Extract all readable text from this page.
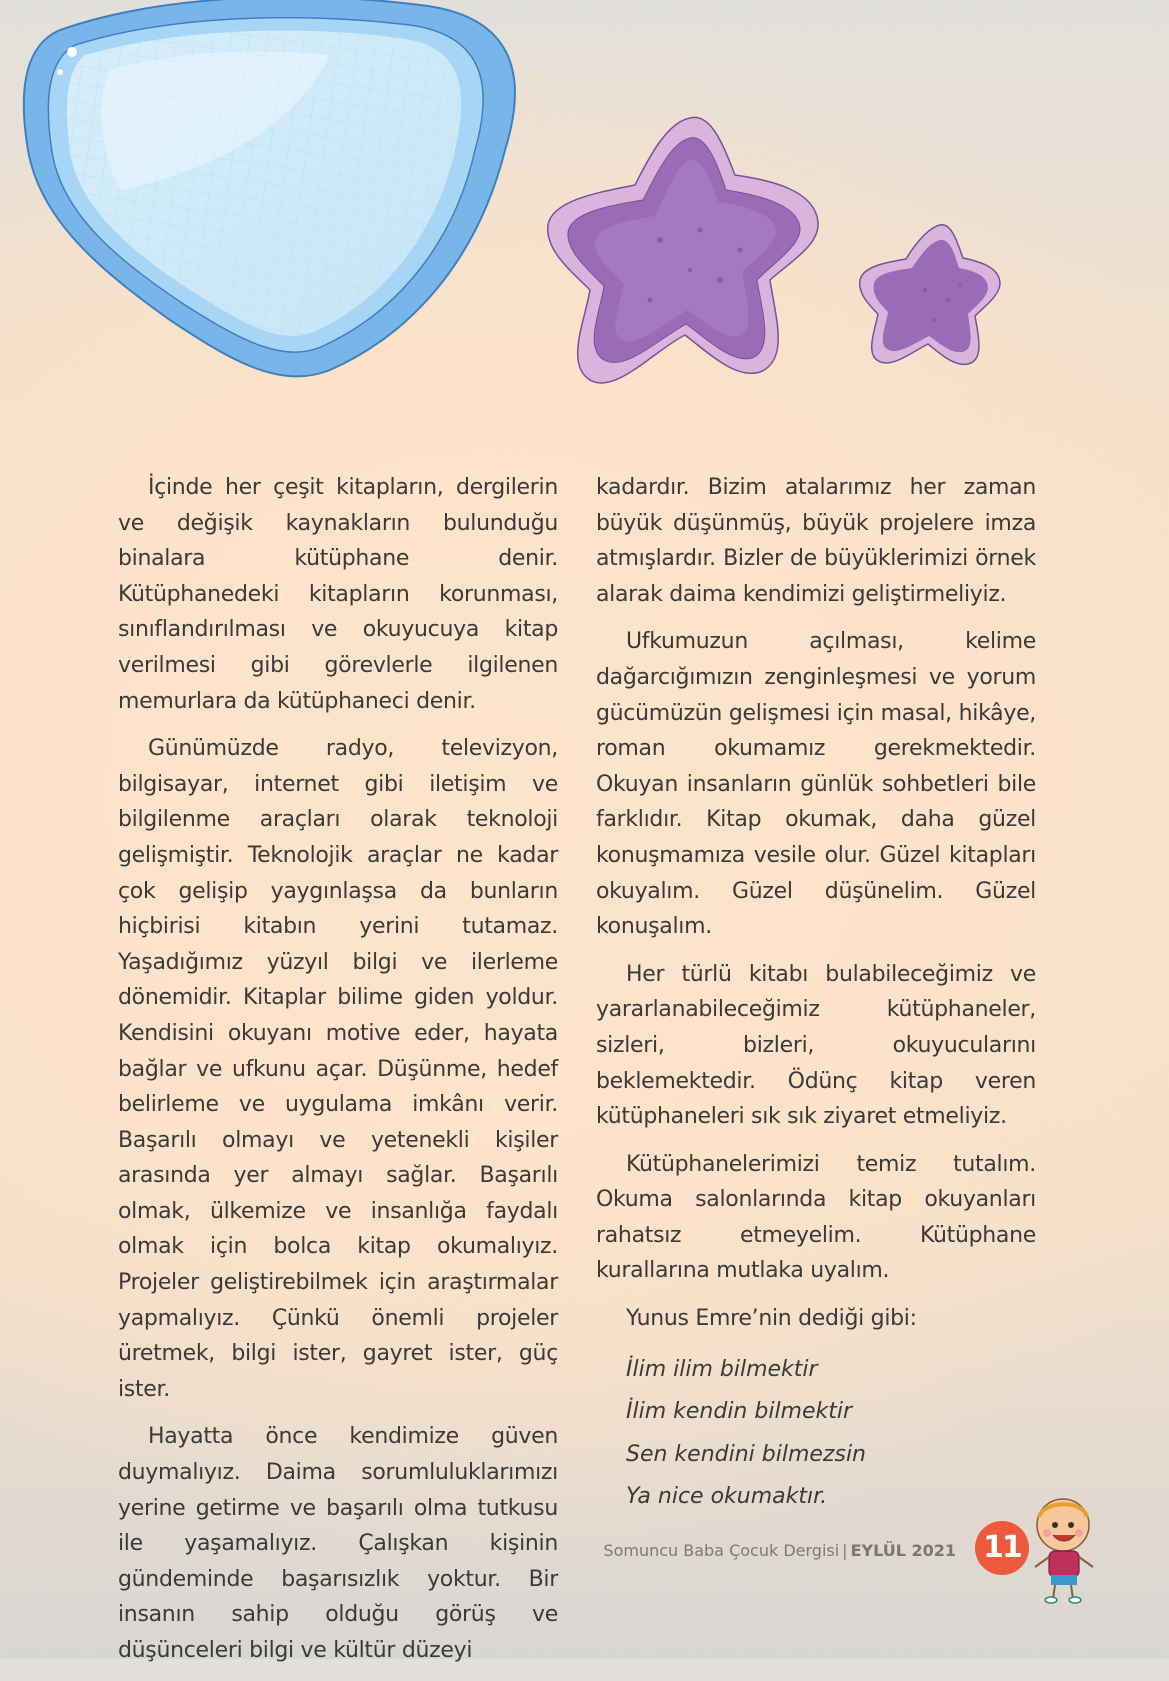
İçinde her çeşit kitapların, dergilerin ve değişik kaynakların bulunduğu binalara kütüphane denir. Kütüphanedeki kitapların korunması, sınıflandırılması ve okuyucuya kitap verilmesi gibi görevlerle ilgilenen memurlara da kütüphaneci denir.

Günümüzde radyo, televizyon, bilgisayar, internet gibi iletişim ve bilgilenme araçları olarak teknoloji gelişmiştir. Teknolojik araçlar ne kadar çok gelişip yaygınlaşsa da bunların hiçbirisi kitabın yerini tutamaz. Yaşadığımız yüzyıl bilgi ve ilerleme dönemidir. Kitaplar bilime giden yoldur. Kendisini okuyanı motive eder, hayata bağlar ve ufkunu açar. Düşünme, hedef belirleme ve uygulama imkânı verir. Başarılı olmayı ve yetenekli kişiler arasında yer almayı sağlar. Başarılı olmak, ülkemize ve insanlığa faydalı olmak için bolca kitap okumalıyız. Projeler geliştirebilmek için araştırmalar yapmalıyız. Çünkü önemli projeler üretmek, bilgi ister, gayret ister, güç ister.

Hayatta önce kendimize güven duymalıyız. Daima sorumluluklarımızı yerine getirme ve başarılı olma tutkusu ile yaşamalıyız. Çalışkan kişinin gündeminde başarısızlık yoktur. Bir insanın sahip olduğu görüş ve düşünceleri bilgi ve kültür düzeyi

kadardır. Bizim atalarımız her zaman büyük düşünmüş, büyük projelere imza atmışlardır. Bizler de büyüklerimizi örnek alarak daima kendimizi geliştirmeliyiz.

Ufkumuzun açılması, kelime dağarcığımızın zenginleşmesi ve yorum gücümüzün gelişmesi için masal, hikâye, roman okumamız gerekmektedir. Okuyan insanların günlük sohbetleri bile farklıdır. Kitap okumak, daha güzel konuşmamıza vesile olur. Güzel kitapları okuyalım. Güzel düşünelim. Güzel konuşalım.

Her türlü kitabı bulabileceğimiz ve yararlanabileceğimiz kütüphaneler, sizleri, bizleri, okuyucularını beklemektedir. Ödünç kitap veren kütüphaneleri sık sık ziyaret etmeliyiz.

Kütüphanelerimizi temiz tutalım. Okuma salonlarında kitap okuyanları rahatsız etmeyelim. Kütüphane kurallarına mutlaka uyalım.

Yunus Emre’nin dediği gibi:

İlim ilim bilmektir
İlim kendin bilmektir
Sen kendini bilmezsin
Ya nice okumaktır.
Somuncu Baba Çocuk Dergisi | EYLÜL 2021 11
